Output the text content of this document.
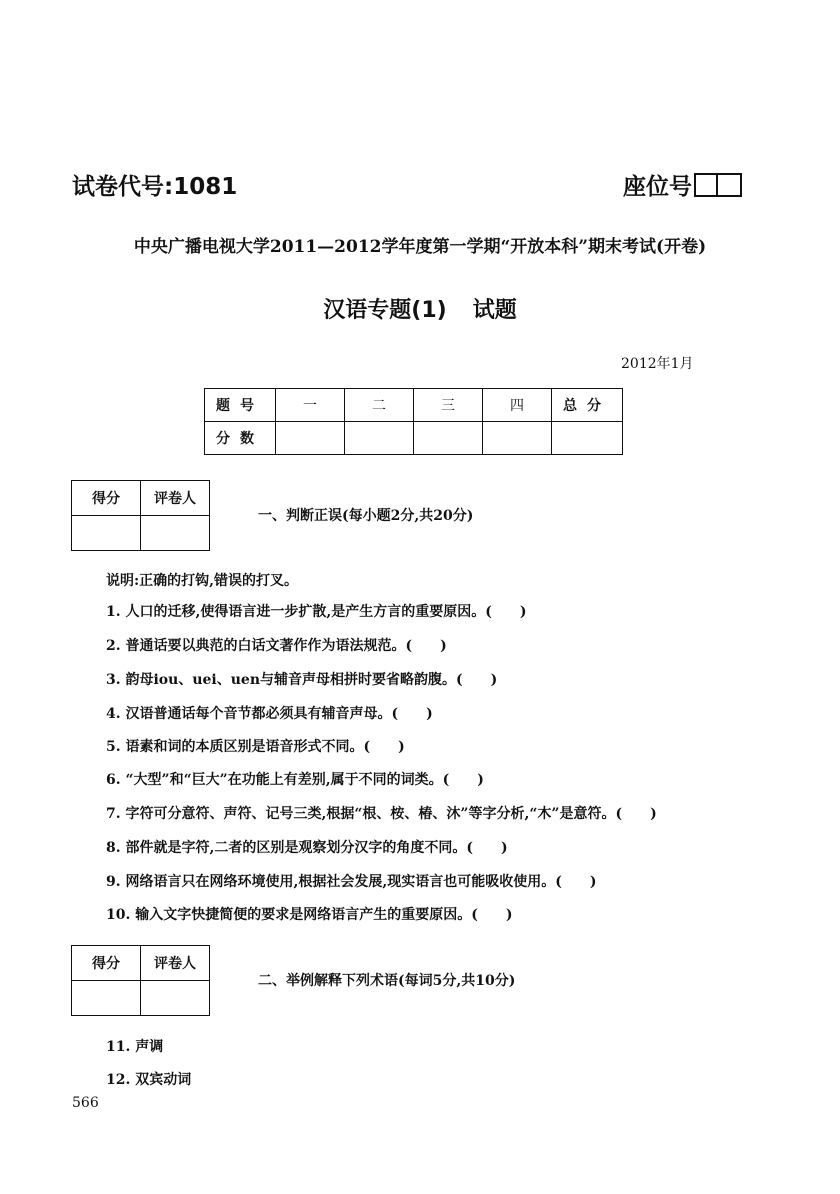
试卷代号:1081	座位号
中央广播电视大学2011—2012学年度第一学期“开放本科”期末考试(开卷)
汉语专题(1) 试题
2012年1月
题号	一	二	三	四	总分
分数					
得分	评卷人

一、判断正误(每小题2分,共20分)
说明:正确的打钩,错误的打叉。
1. 人口的迁移,使得语言进一步扩散,是产生方言的重要原因。(　　)
2. 普通话要以典范的白话文著作作为语法规范。(　　)
3. 韵母iou、uei、uen与辅音声母相拼时要省略韵腹。(　　)
4. 汉语普通话每个音节都必须具有辅音声母。(　　)
5. 语素和词的本质区别是语音形式不同。(　　)
6. “大型”和“巨大”在功能上有差别,属于不同的词类。(　　)
7. 字符可分意符、声符、记号三类,根据“根、桉、椿、沐”等字分析,“木”是意符。(　　)
8. 部件就是字符,二者的区别是观察划分汉字的角度不同。(　　)
9. 网络语言只在网络环境使用,根据社会发展,现实语言也可能吸收使用。(　　)
10. 输入文字快捷简便的要求是网络语言产生的重要原因。(　　)
得分	评卷人

二、举例解释下列术语(每词5分,共10分)
11. 声调
12. 双宾动词
566
